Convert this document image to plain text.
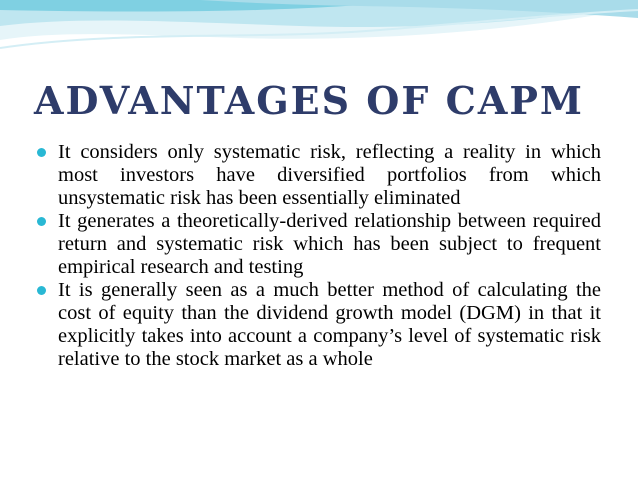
ADVANTAGES OF CAPM
It considers only systematic risk, reflecting a reality in which most investors have diversified portfolios from which unsystematic risk has been essentially eliminated
It generates a theoretically-derived relationship between required return and systematic risk which has been subject to frequent empirical research and testing
It is generally seen as a much better method of calculating the cost of equity than the dividend growth model (DGM) in that it explicitly takes into account a company’s level of systematic risk relative to the stock market as a whole
